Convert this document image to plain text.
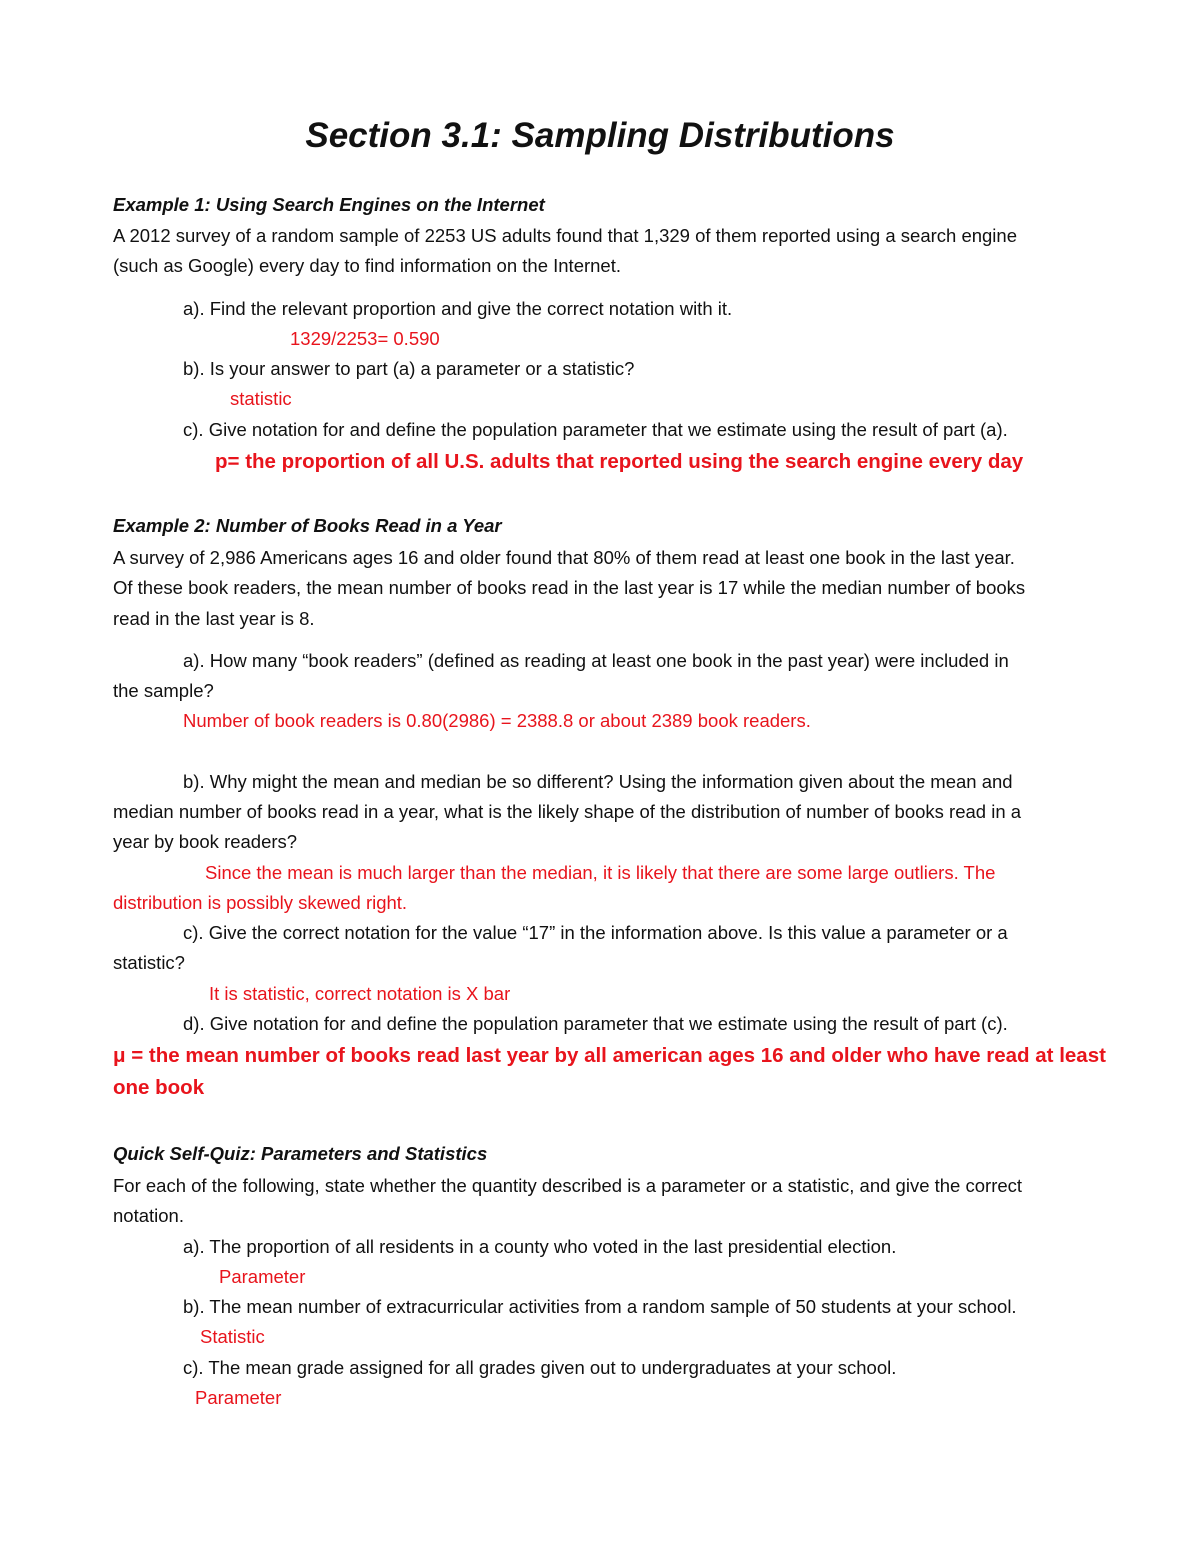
Section 3.1: Sampling Distributions
Example 1: Using Search Engines on the Internet
A 2012 survey of a random sample of 2253 US adults found that 1,329 of them reported using a search engine
(such as Google) every day to find information on the Internet.
a). Find the relevant proportion and give the correct notation with it.
1329/2253= 0.590
b). Is your answer to part (a) a parameter or a statistic?
statistic
c). Give notation for and define the population parameter that we estimate using the result of part (a).
p= the proportion of all U.S. adults that reported using the search engine every day
Example 2: Number of Books Read in a Year
A survey of 2,986 Americans ages 16 and older found that 80% of them read at least one book in the last year.
Of these book readers, the mean number of books read in the last year is 17 while the median number of books
read in the last year is 8.
a). How many “book readers” (defined as reading at least one book in the past year) were included in
the sample?
Number of book readers is 0.80(2986) = 2388.8 or about 2389 book readers.
b). Why might the mean and median be so different? Using the information given about the mean and
median number of books read in a year, what is the likely shape of the distribution of number of books read in a
year by book readers?
Since the mean is much larger than the median, it is likely that there are some large outliers. The
distribution is possibly skewed right.
c). Give the correct notation for the value “17” in the information above. Is this value a parameter or a
statistic?
It is statistic, correct notation is X bar
d). Give notation for and define the population parameter that we estimate using the result of part (c).
μ = the mean number of books read last year by all american ages 16 and older who have read at least
one book
Quick Self-Quiz: Parameters and Statistics
For each of the following, state whether the quantity described is a parameter or a statistic, and give the correct
notation.
a). The proportion of all residents in a county who voted in the last presidential election.
Parameter
b). The mean number of extracurricular activities from a random sample of 50 students at your school.
Statistic
c). The mean grade assigned for all grades given out to undergraduates at your school.
Parameter
